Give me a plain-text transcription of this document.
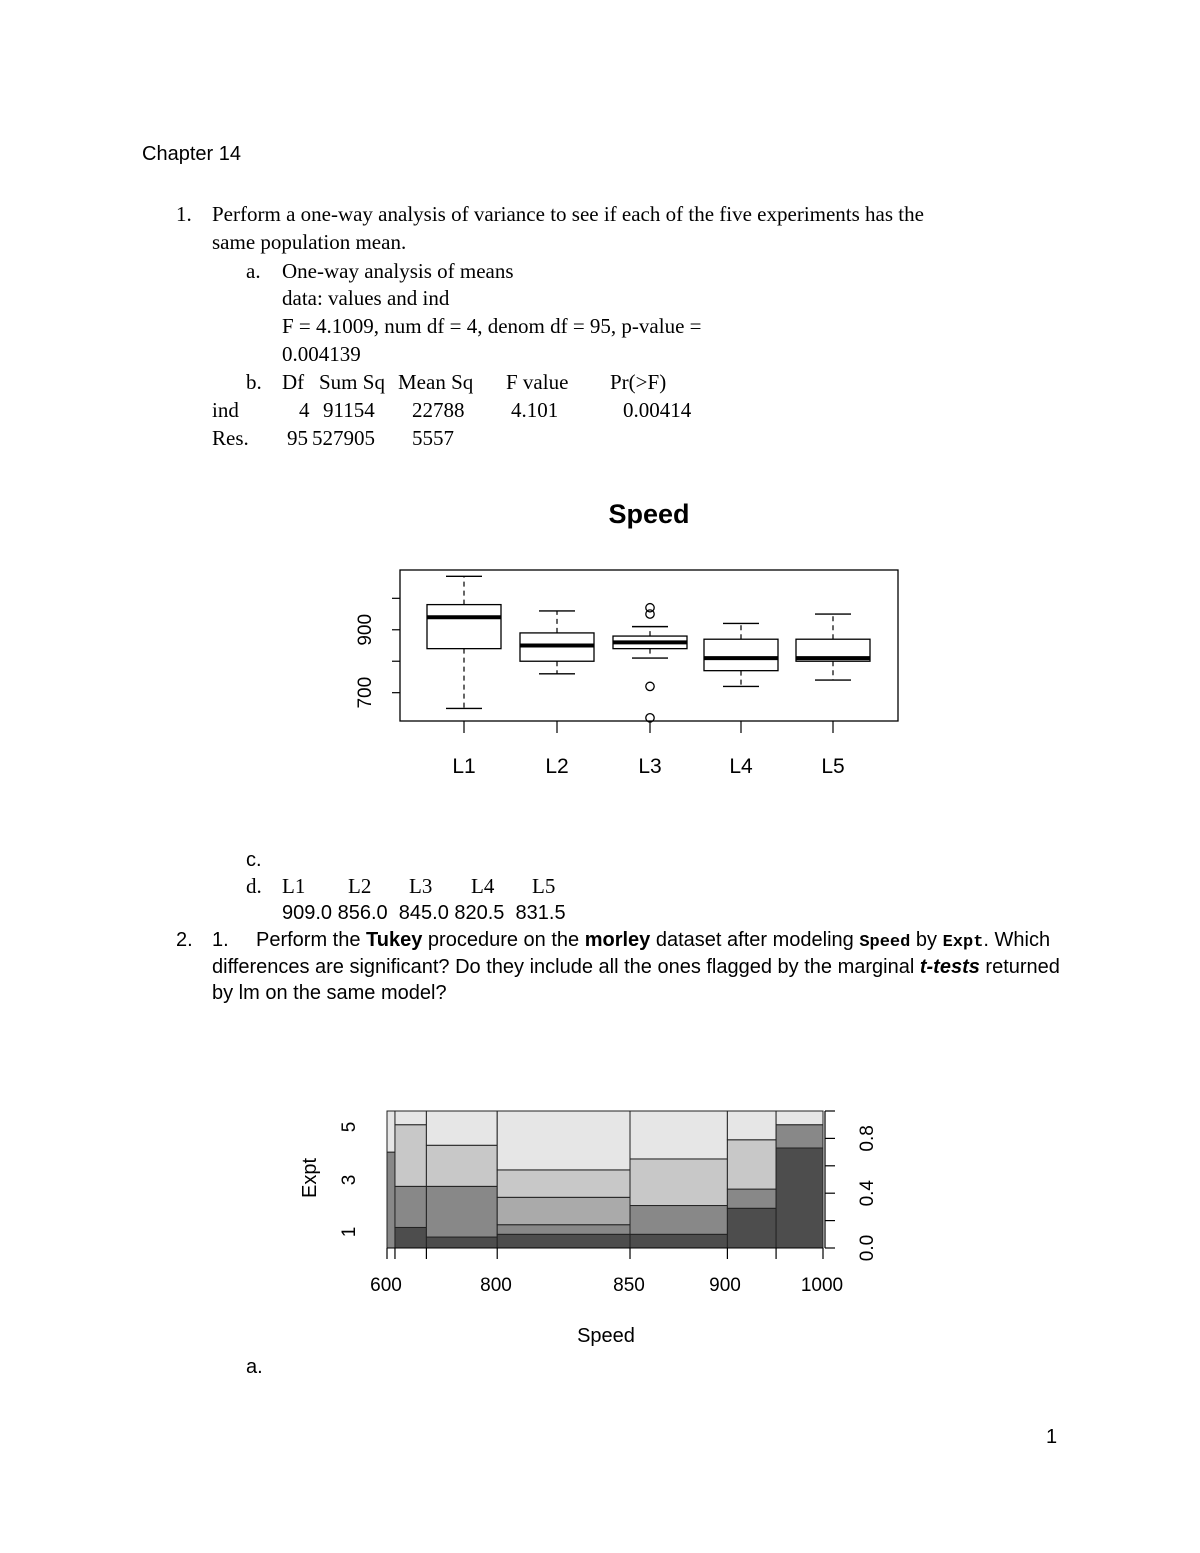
Chapter 14
1. Perform a one-way analysis of variance to see if each of the five experiments has the
same population mean.
a. One-way analysis of means
data: values and ind
F = 4.1009, num df = 4, denom df = 95, p-value =
0.004139
b. Df Sum Sq Mean Sq F value Pr(>F)
ind	4 91154 22788 4.101	0.00414
Res. 95 527905 5557
Speed
700
900
L1	L2	L3	L4	L5
c.
d. L1 L2 L3 L4 L5
909.0 856.0  845.0 820.5  831.5
2. 1. Perform the Tukey procedure on the morley dataset after modeling Speed by Expt. Which
differences are significant? Do they include all the ones flagged by the marginal t-tests returned
by lm on the same model?
600	800	850	900	1000
1
3
5
0.0
0.4
0.8
Expt
Speed
a.
1
